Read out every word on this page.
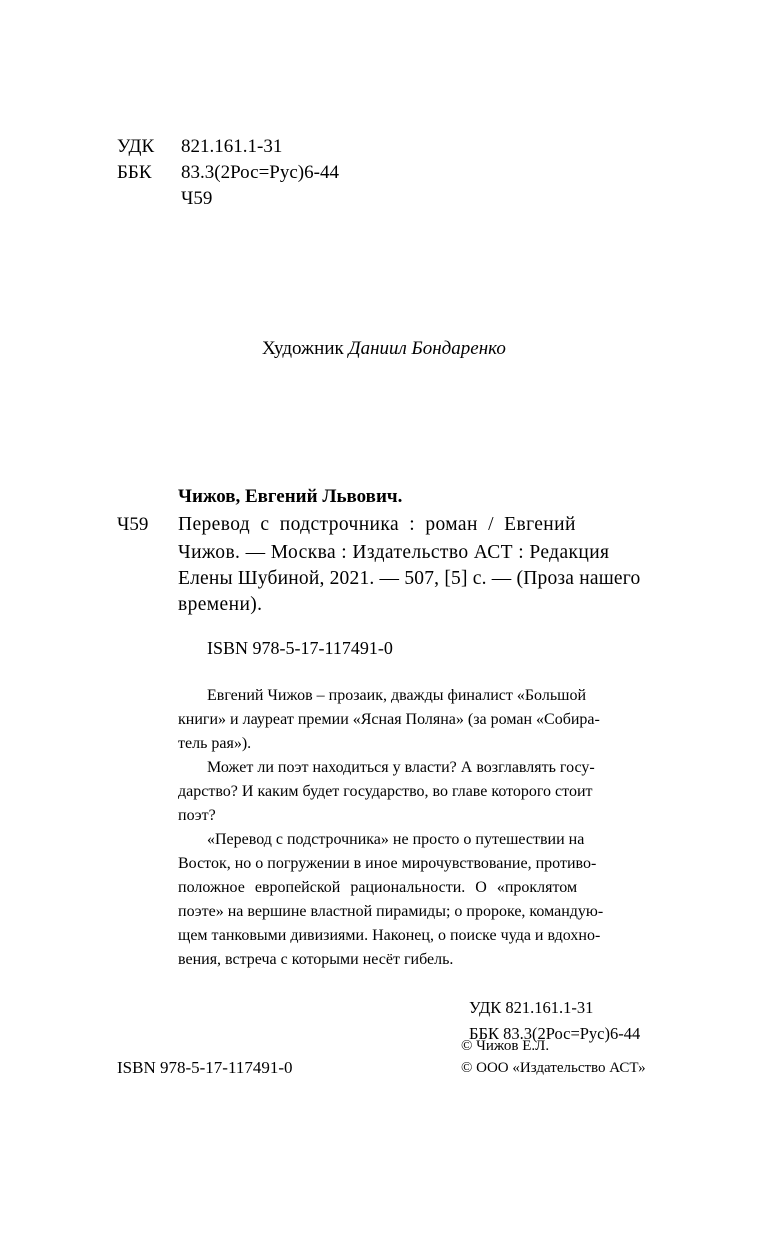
УДК 821.161.1-31
ББК 83.3(2Рос=Рус)6-44
Ч59
Художник Даниил Бондаренко
Чижов, Евгений Львович.
Ч59 Перевод с подстрочника : роман / Евгений
Чижов. — Москва : Издательство АСТ : Редакция
Елены Шубиной, 2021. — 507, [5] с. — (Проза нашего
времени).
ISBN 978-5-17-117491-0
Евгений Чижов – прозаик, дважды финалист «Большой
книги» и лауреат премии «Ясная Поляна» (за роман «Собира-
тель рая»).
Может ли поэт находиться у власти? А возглавлять госу-
дарство? И каким будет государство, во главе которого стоит
поэт?
«Перевод с подстрочника» не просто о путешествии на
Восток, но о погружении в иное мирочувствование, противо-
положное европейской рациональности. О «проклятом
поэте» на вершине властной пирамиды; о пророке, командую-
щем танковыми дивизиями. Наконец, о поиске чуда и вдохно-
вения, встреча с которыми несёт гибель.
УДК 821.161.1-31
ББК 83.3(2Рос=Рус)6-44
ISBN 978-5-17-117491-0
© Чижов Е.Л.
© ООО «Издательство АСТ»
